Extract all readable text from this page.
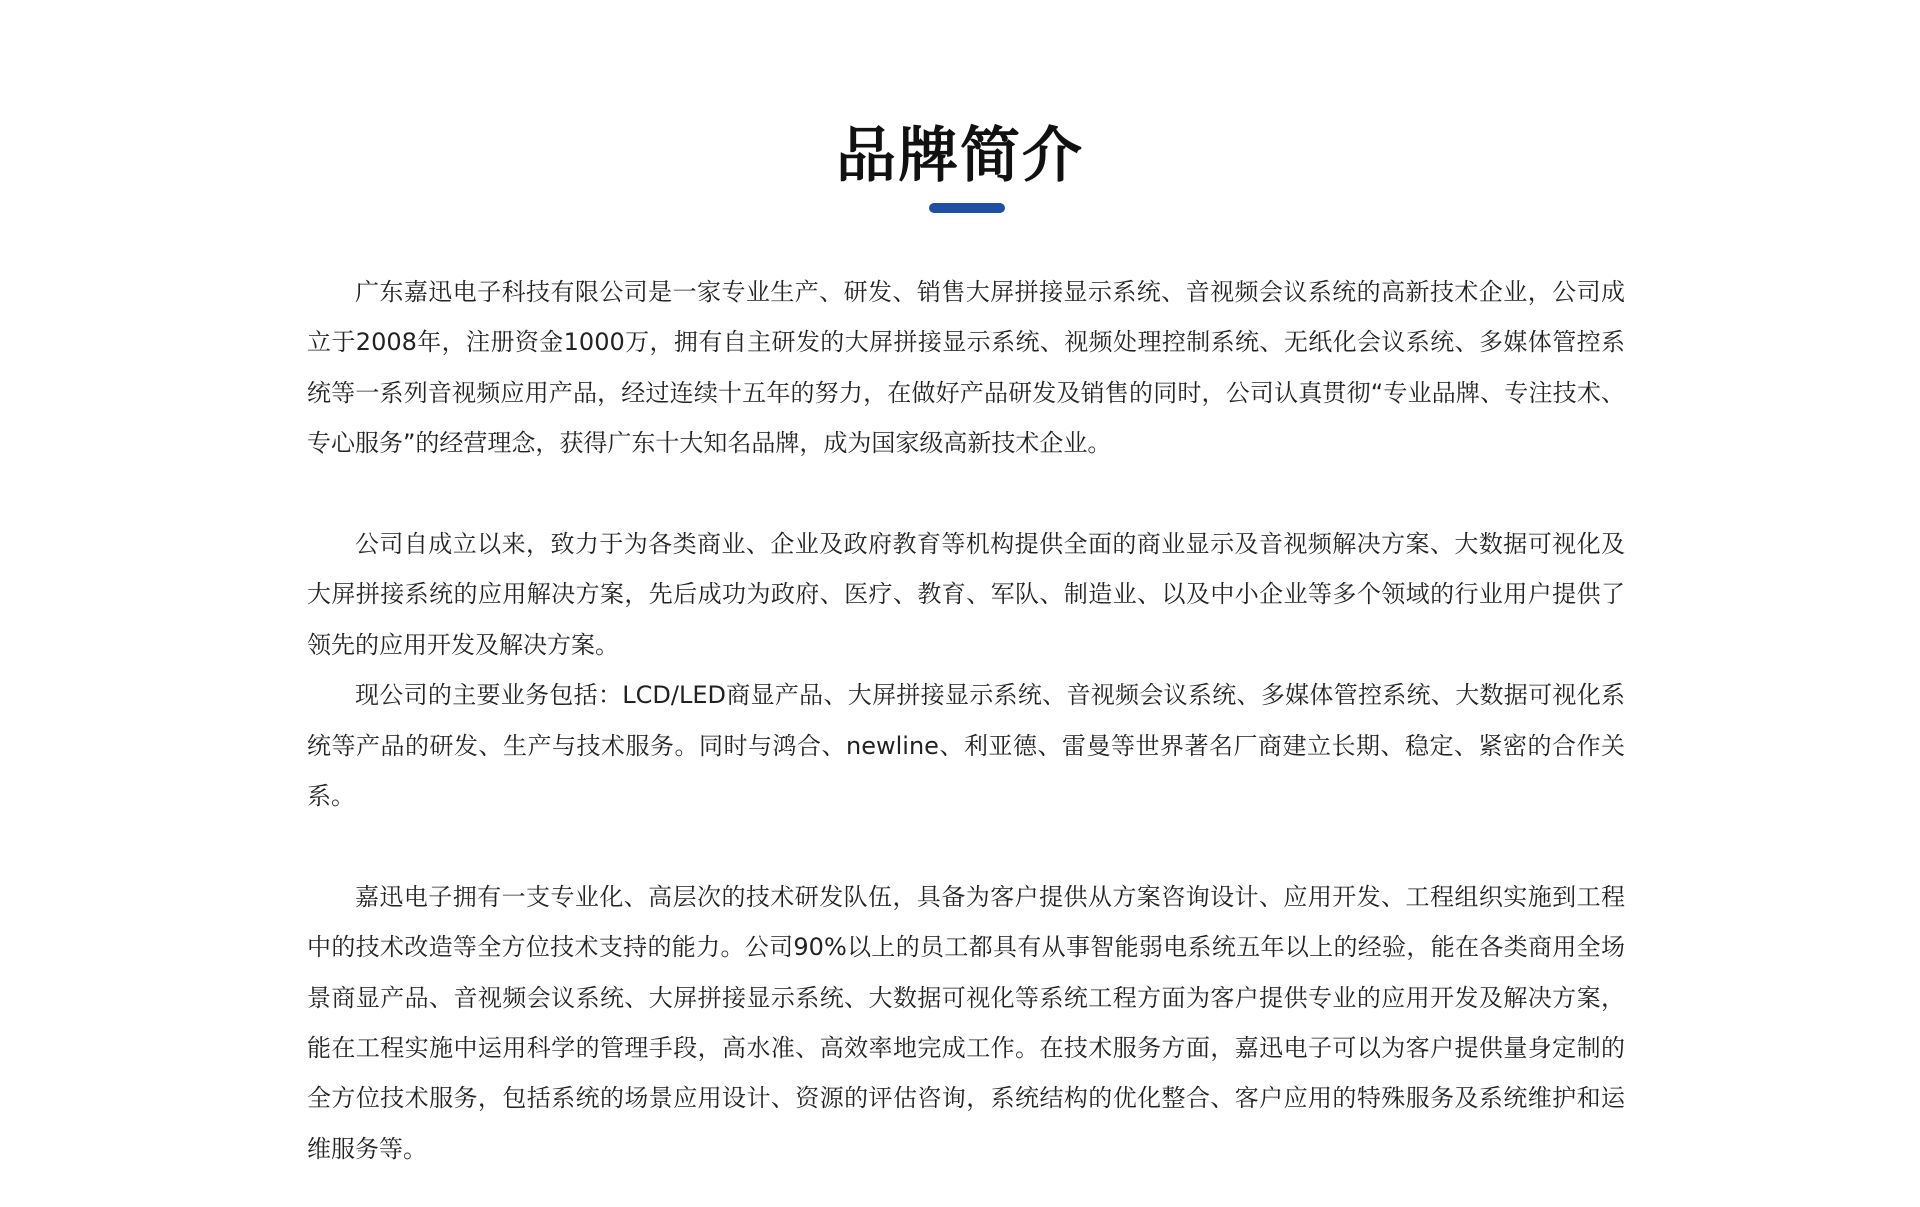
品牌简介

广东嘉迅电子科技有限公司是一家专业生产、研发、销售大屏拼接显示系统、音视频会议系统的高新技术企业，公司成立于2008年，注册资金1000万，拥有自主研发的大屏拼接显示系统、视频处理控制系统、无纸化会议系统、多媒体管控系统等一系列音视频应用产品，经过连续十五年的努力，在做好产品研发及销售的同时，公司认真贯彻“专业品牌、专注技术、专心服务”的经营理念，获得广东十大知名品牌，成为国家级高新技术企业。

公司自成立以来，致力于为各类商业、企业及政府教育等机构提供全面的商业显示及音视频解决方案、大数据可视化及大屏拼接系统的应用解决方案，先后成功为政府、医疗、教育、军队、制造业、以及中小企业等多个领域的行业用户提供了领先的应用开发及解决方案。

现公司的主要业务包括：LCD/LED商显产品、大屏拼接显示系统、音视频会议系统、多媒体管控系统、大数据可视化系统等产品的研发、生产与技术服务。同时与鸿合、newline、利亚德、雷曼等世界著名厂商建立长期、稳定、紧密的合作关系。

嘉迅电子拥有一支专业化、高层次的技术研发队伍，具备为客户提供从方案咨询设计、应用开发、工程组织实施到工程中的技术改造等全方位技术支持的能力。公司90%以上的员工都具有从事智能弱电系统五年以上的经验，能在各类商用全场景商显产品、音视频会议系统、大屏拼接显示系统、大数据可视化等系统工程方面为客户提供专业的应用开发及解决方案，能在工程实施中运用科学的管理手段，高水准、高效率地完成工作。在技术服务方面，嘉迅电子可以为客户提供量身定制的全方位技术服务，包括系统的场景应用设计、资源的评估咨询，系统结构的优化整合、客户应用的特殊服务及系统维护和运维服务等。
